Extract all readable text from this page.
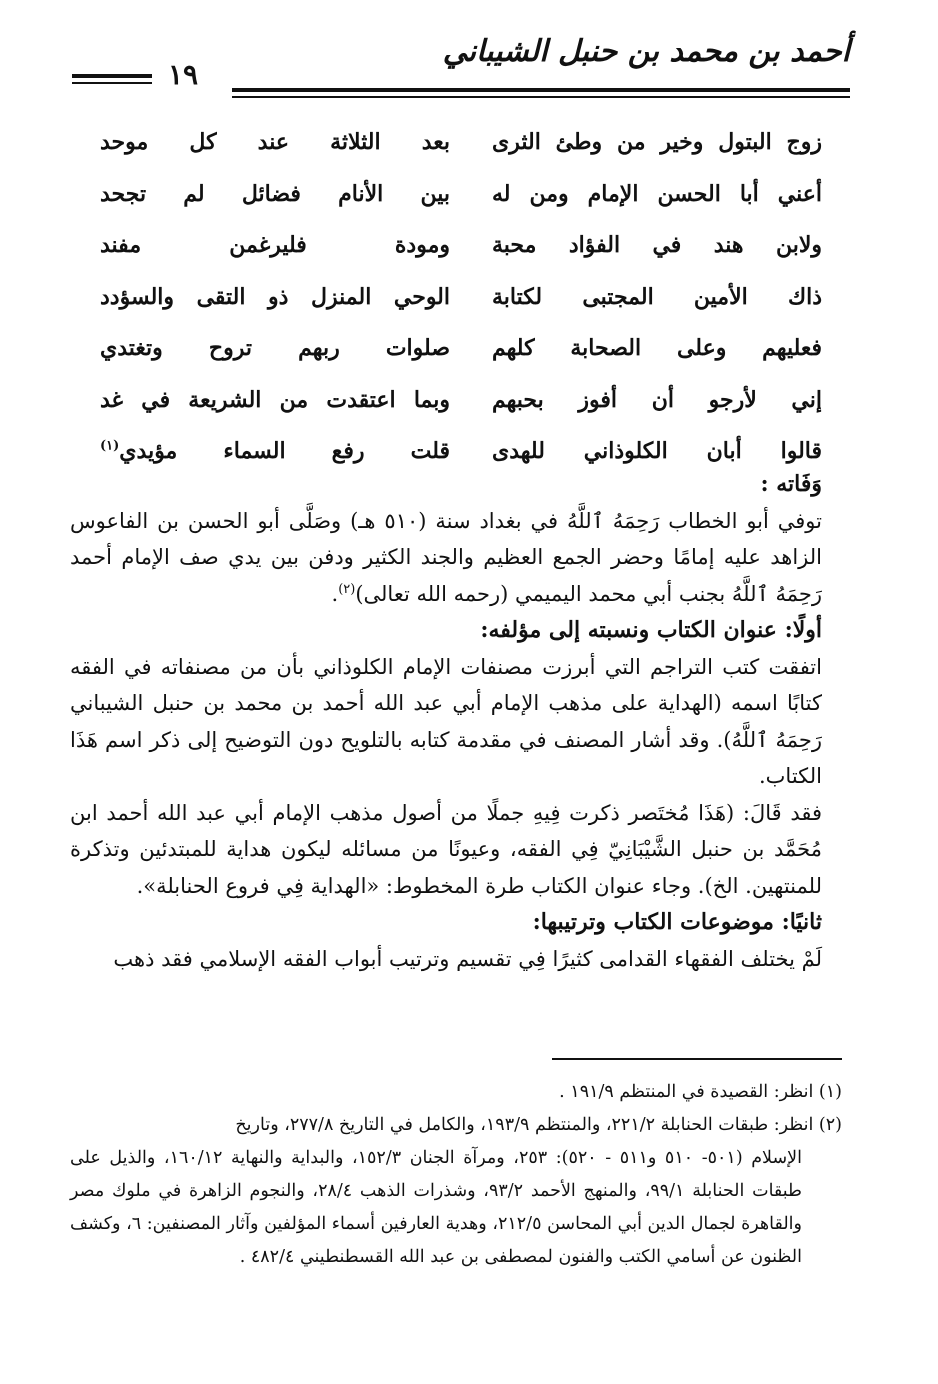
أحمد بن محمد بن حنبل الشيباني
١٩
زوج البتول وخير من وطئ الثرى
بعد الثلاثة عند كل موحد
أعني أبا الحسن الإمام ومن له
بين الأنام فضائل لم تجحد
ولابن هند في الفؤاد محبة
ومودة فليرغمن مفند
ذاك الأمين المجتبى لكتابة
الوحي المنزل ذو التقى والسؤدد
فعليهم وعلى الصحابة كلهم
صلوات ربهم تروح وتغتدي
إني لأرجو أن أفوز بحبهم
وبما اعتقدت من الشريعة في غد
قالوا أبان الكلوذاني للهدى
قلت رفع السماء مؤيدي$^{(١)}$

وَفَاته :

توفي أبو الخطاب رَحِمَهُ ٱللَّهُ في بغداد سنة (٥١٠ هـ) وصَلَّى أبو الحسن بن الفاعوس الزاهد عليه إمامًا وحضر الجمع العظيم والجند الكثير ودفن بين يدي صف الإمام أحمد رَحِمَهُ ٱللَّهُ بجنب أبي محمد اليميمي (رحمه الله تعالى)$^{(٢)}$.

أولًا: عنوان الكتاب ونسبته إلى مؤلفه:

اتفقت كتب التراجم التي أبرزت مصنفات الإمام الكلوذاني بأن من مصنفاته في الفقه كتابًا اسمه (الهداية على مذهب الإمام أبي عبد الله أحمد بن محمد بن حنبل الشيباني رَحِمَهُ ٱللَّهُ). وقد أشار المصنف في مقدمة كتابه بالتلويح دون التوضيح إلى ذكر اسم هَذَا الكتاب.

فقد قَالَ: (هَذَا مُختَصر ذكرت فِيهِ جملًا من أصول مذهب الإمام أبي عبد الله أحمد ابن مُحَمَّد بن حنبل الشَّيْبَانِيّ فِي الفقه، وعيونًا من مسائله ليكون هداية للمبتدئين وتذكرة للمنتهين. الخ). وجاء عنوان الكتاب طرة المخطوط: «الهداية فِي فروع الحنابلة».

ثانيًا: موضوعات الكتاب وترتيبها:

لَمْ يختلف الفقهاء القدامى كثيرًا فِي تقسيم وترتيب أبواب الفقه الإسلامي فقد ذهب

(١) انظر: القصيدة في المنتظم ١٩١/٩ .

(٢) انظر: طبقات الحنابلة ٢٢١/٢، والمنتظم ١٩٣/٩، والكامل في التاريخ ٢٧٧/٨، وتاريخ

الإسلام (٥٠١- ٥١٠ و٥١١ - ٥٢٠): ٢٥٣، ومرآة الجنان ١٥٢/٣، والبداية والنهاية ١٦٠/١٢، والذيل على طبقات الحنابلة ٩٩/١، والمنهج الأحمد ٩٣/٢، وشذرات الذهب ٢٨/٤، والنجوم الزاهرة في ملوك مصر والقاهرة لجمال الدين أبي المحاسن ٢١٢/٥، وهدية العارفين أسماء المؤلفين وآثار المصنفين: ٦، وكشف الظنون عن أسامي الكتب والفنون لمصطفى بن عبد الله القسطنطيني ٤٨٢/٤ .
